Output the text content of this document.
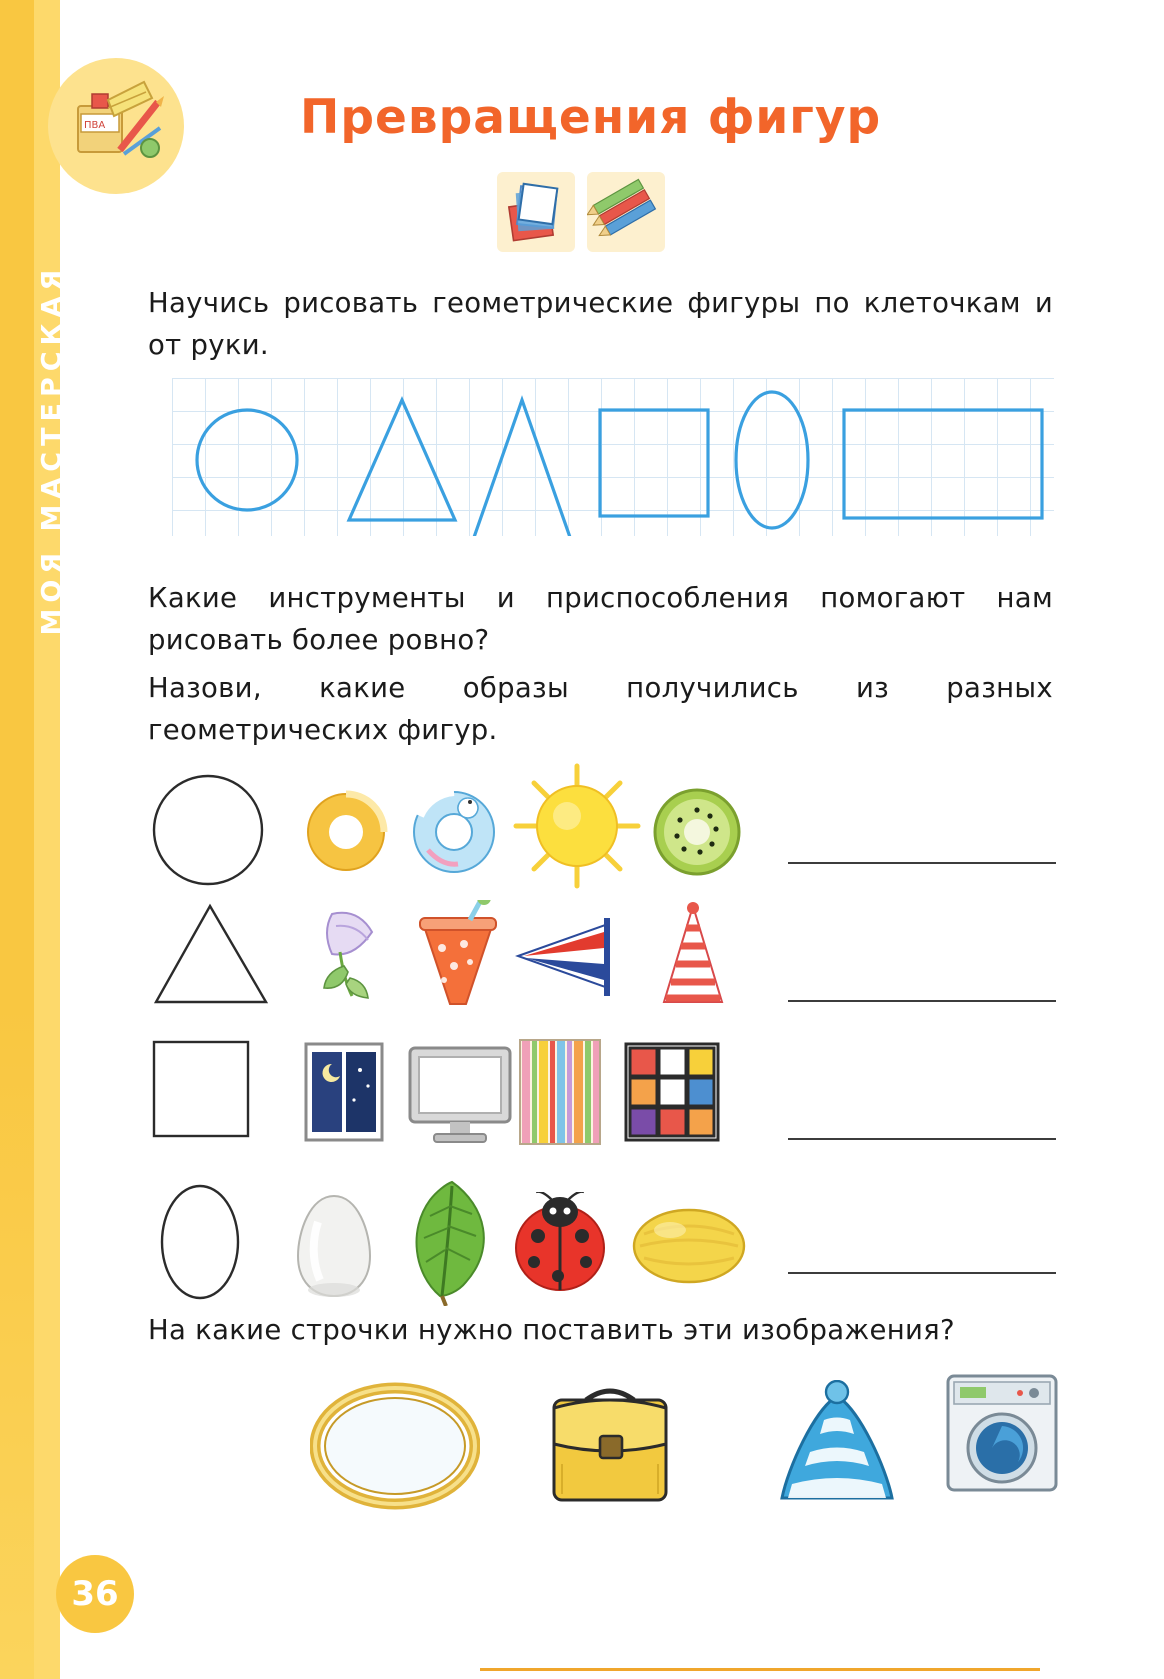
МОЯ МАСТЕРСКАЯ
ПВА	Превращения фигур
Научись рисовать геометрические фигуры по клеточкам и от руки.
Какие инструменты и приспособления помогают нам рисовать более ровно?
Назови, какие образы получились из разных геометрических фигур.
На какие строчки нужно поставить эти изображения?
36
